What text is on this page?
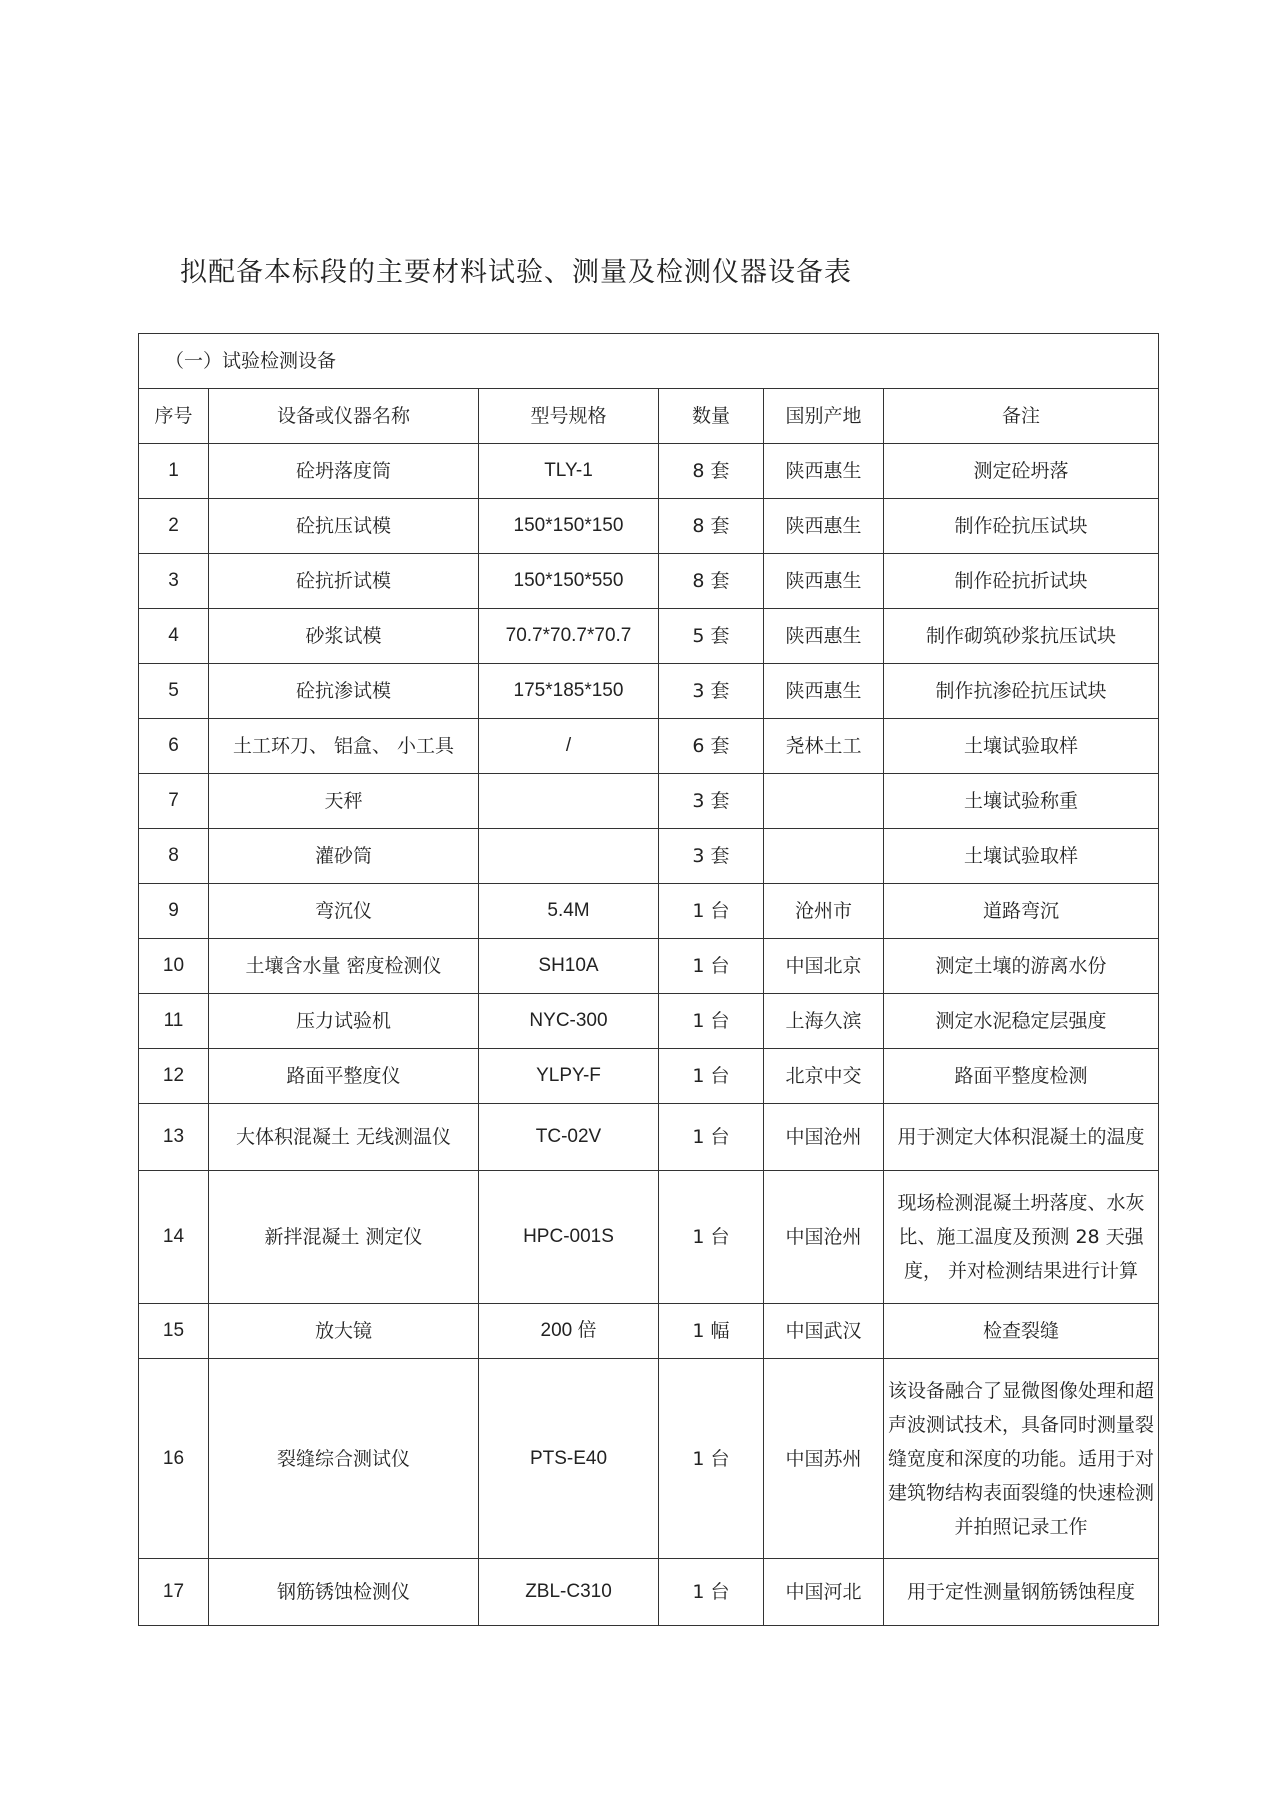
拟配备本标段的主要材料试验、测量及检测仪器设备表
（一）试验检测设备					
序号	设备或仪器名称	型号规格	数量	国别产地	备注
1	砼坍落度筒	TLY-1	8 套	陕西惠生	测定砼坍落
2	砼抗压试模	150*150*150	8 套	陕西惠生	制作砼抗压试块
3	砼抗折试模	150*150*550	8 套	陕西惠生	制作砼抗折试块
4	砂浆试模	70.7*70.7*70.7	5 套	陕西惠生	制作砌筑砂浆抗压试块
5	砼抗渗试模	175*185*150	3 套	陕西惠生	制作抗渗砼抗压试块
6	土工环刀、 铝盒、 小工具	/	6 套	尧林土工	土壤试验取样
7	天秤		3 套		土壤试验称重
8	灌砂筒		3 套		土壤试验取样
9	弯沉仪	5.4M	1 台	沧州市	道路弯沉
10	土壤含水量 密度检测仪	SH10A	1 台	中国北京	测定土壤的游离水份
11	压力试验机	NYC-300	1 台	上海久滨	测定水泥稳定层强度
12	路面平整度仪	YLPY-F	1 台	北京中交	路面平整度检测
13	大体积混凝土 无线测温仪	TC-02V	1 台	中国沧州	用于测定大体积混凝土的温度
14	新拌混凝土 测定仪	HPC-001S	1 台	中国沧州	现场检测混凝土坍落度、水灰比、施工温度及预测 28 天强度， 并对检测结果进行计算
15	放大镜	200 倍	1 幅	中国武汉	检查裂缝
16	裂缝综合测试仪	PTS-E40	1 台	中国苏州	该设备融合了显微图像处理和超声波测试技术，具备同时测量裂缝宽度和深度的功能。适用于对建筑物结构表面裂缝的快速检测并拍照记录工作
17	钢筋锈蚀检测仪	ZBL-C310	1 台	中国河北	用于定性测量钢筋锈蚀程度
